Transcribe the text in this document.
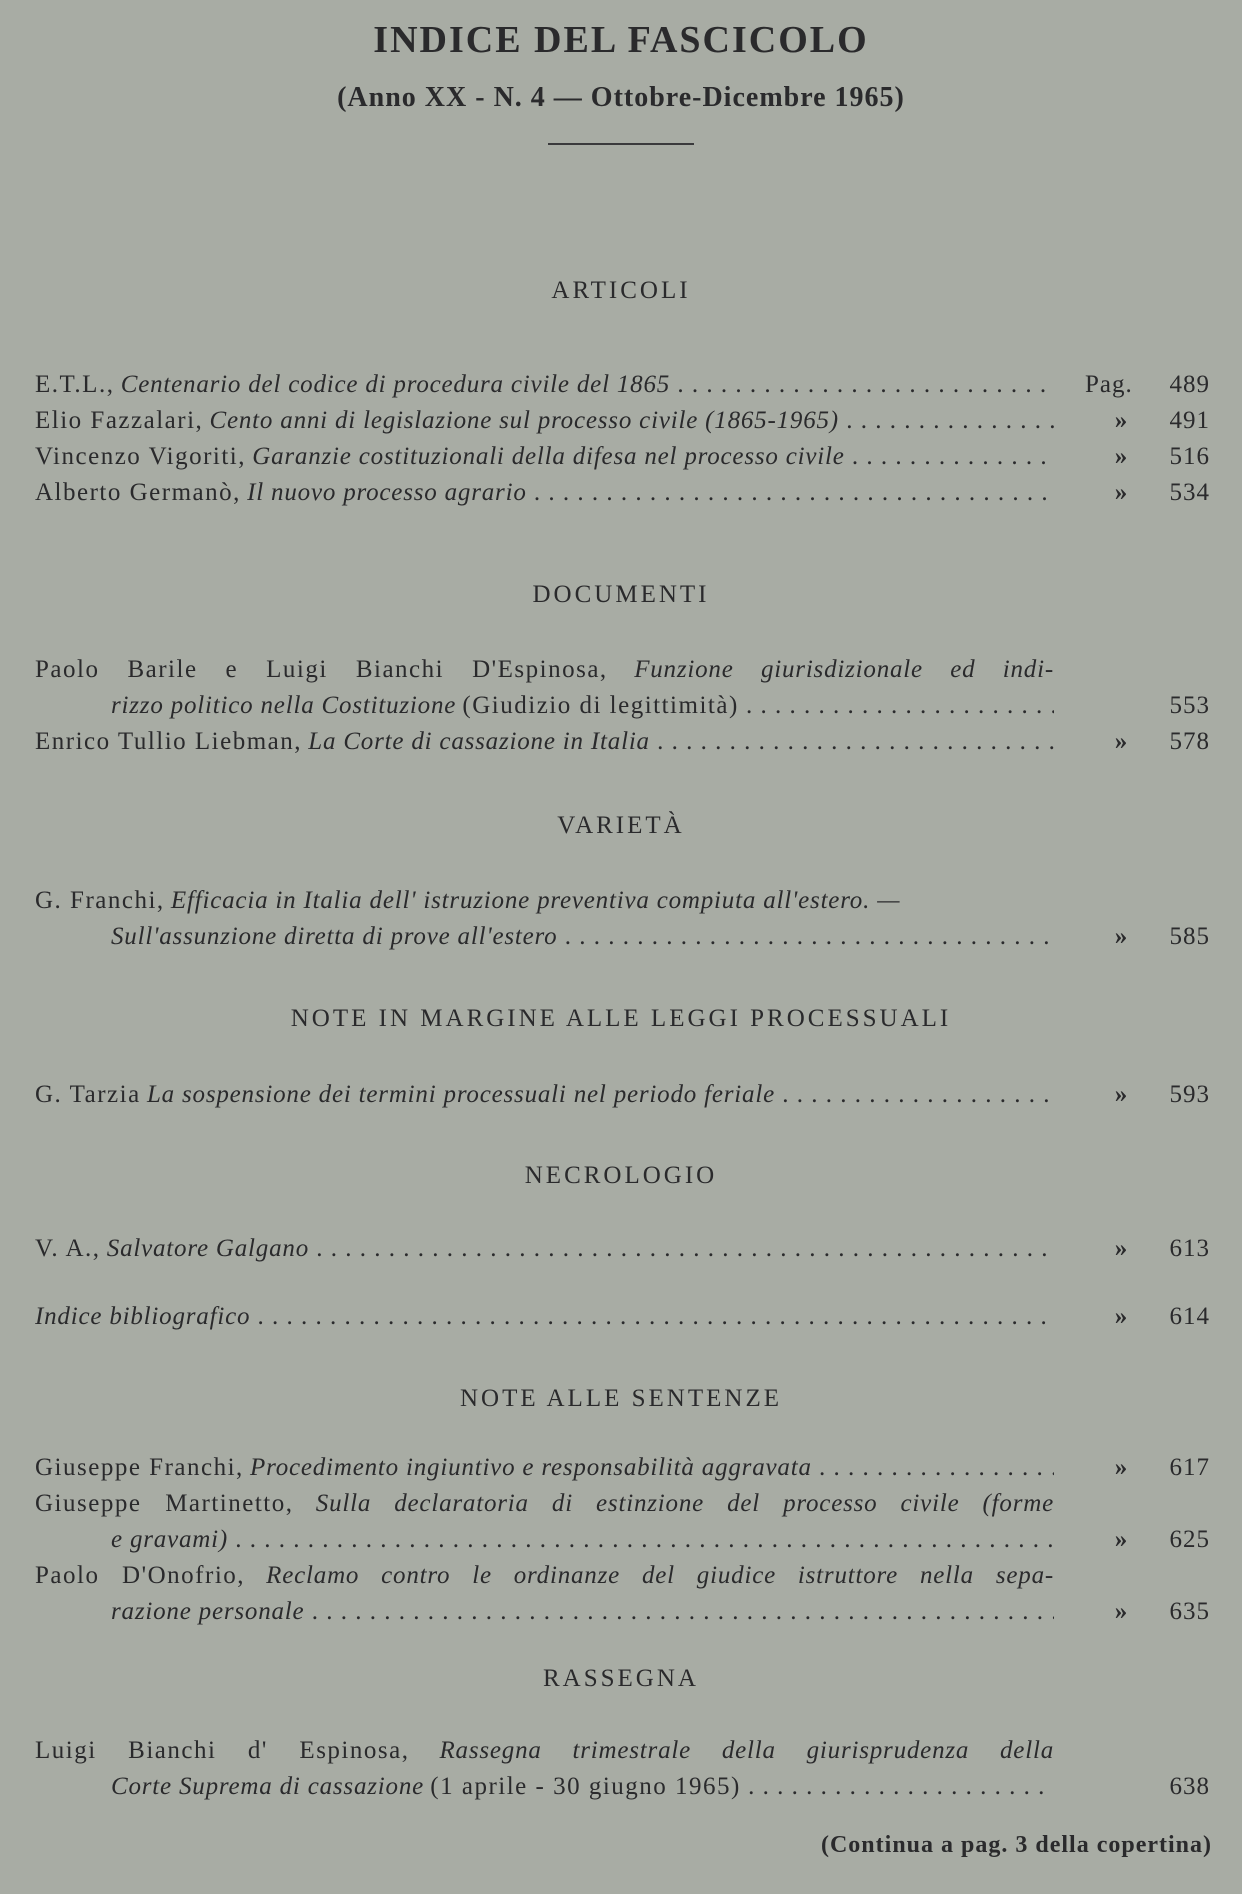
INDICE DEL FASCICOLO
(Anno XX - N. 4 — Ottobre-Dicembre 1965)
ARTICOLI
E.T.L., Centenario del codice di procedura civile del 1865 . . .	Pag. 489
Elio Fazzalari, Cento anni di legislazione sul processo civile (1865-1965) . . .	» 491
Vincenzo Vigoriti, Garanzie costituzionali della difesa nel processo civile . . .	» 516
Alberto Germanò, Il nuovo processo agrario . . .	» 534
DOCUMENTI
Paolo Barile e Luigi Bianchi D'Espinosa, Funzione giurisdizionale ed indi-
rizzo politico nella Costituzione (Giudizio di legittimità) . . .	553
Enrico Tullio Liebman, La Corte di cassazione in Italia . . .	» 578
VARIETÀ
G. Franchi, Efficacia in Italia dell' istruzione preventiva compiuta all'estero. —
Sull'assunzione diretta di prove all'estero . . .	» 585
NOTE IN MARGINE ALLE LEGGI PROCESSUALI
G. Tarzia La sospensione dei termini processuali nel periodo feriale . . .	» 593
NECROLOGIO
V. A., Salvatore Galgano . . .	» 613
Indice bibliografico . . .	» 614
NOTE ALLE SENTENZE
Giuseppe Franchi, Procedimento ingiuntivo e responsabilità aggravata . . .	» 617
Giuseppe Martinetto, Sulla declaratoria di estinzione del processo civile (forme
e gravami) . . .	» 625
Paolo D'Onofrio, Reclamo contro le ordinanze del giudice istruttore nella sepa-
razione personale . . .	» 635
RASSEGNA
Luigi Bianchi d' Espinosa, Rassegna trimestrale della giurisprudenza della
Corte Suprema di cassazione (1 aprile - 30 giugno 1965) . . .	638
(Continua a pag. 3 della copertina)
